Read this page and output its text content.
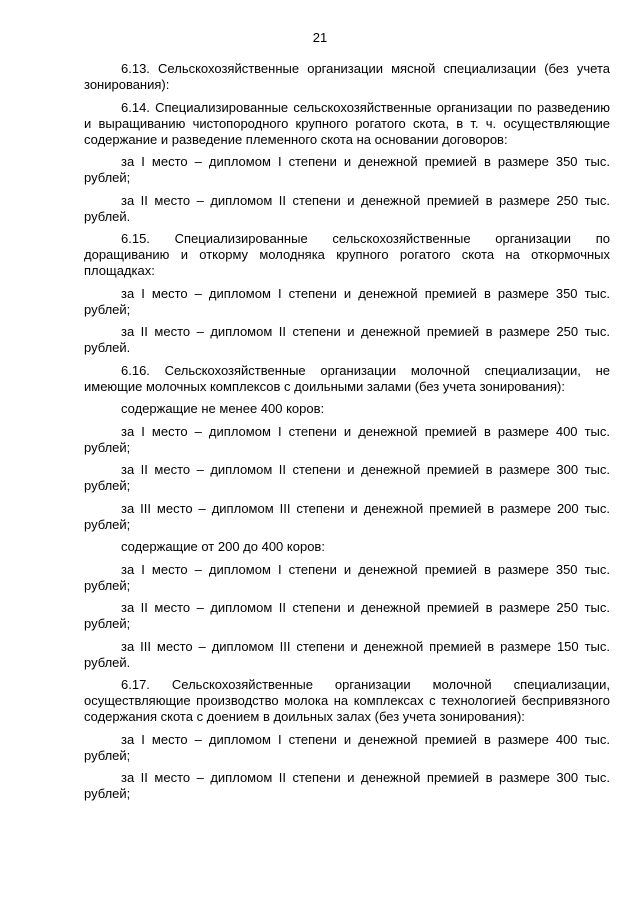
21

6.13. Сельскохозяйственные организации мясной специализации (без учета зонирования):

6.14. Специализированные сельскохозяйственные организации по разведению и выращиванию чистопородного крупного рогатого скота, в т. ч. осуществляющие содержание и разведение племенного скота на основании договоров:

за I место – дипломом I степени и денежной премией в размере 350 тыс. рублей;

за II место – дипломом II степени и денежной премией в размере 250 тыс. рублей.

6.15. Специализированные сельскохозяйственные организации по доращиванию и откорму молодняка крупного рогатого скота на откормочных площадках:

за I место – дипломом I степени и денежной премией в размере 350 тыс. рублей;

за II место – дипломом II степени и денежной премией в размере 250 тыс. рублей.

6.16. Сельскохозяйственные организации молочной специализации, не имеющие молочных комплексов с доильными залами (без учета зонирования):

содержащие не менее 400 коров:

за I место – дипломом I степени и денежной премией в размере 400 тыс. рублей;

за II место – дипломом II степени и денежной премией в размере 300 тыс. рублей;

за III место – дипломом III степени и денежной премией в размере 200 тыс. рублей;

содержащие от 200 до 400 коров:

за I место – дипломом I степени и денежной премией в размере 350 тыс. рублей;

за II место – дипломом II степени и денежной премией в размере 250 тыс. рублей;

за III место – дипломом III степени и денежной премией в размере 150 тыс. рублей.

6.17. Сельскохозяйственные организации молочной специализации, осуществляющие производство молока на комплексах с технологией беспривязного содержания скота с доением в доильных залах (без учета зонирования):

за I место – дипломом I степени и денежной премией в размере 400 тыс. рублей;

за II место – дипломом II степени и денежной премией в размере 300 тыс. рублей;
